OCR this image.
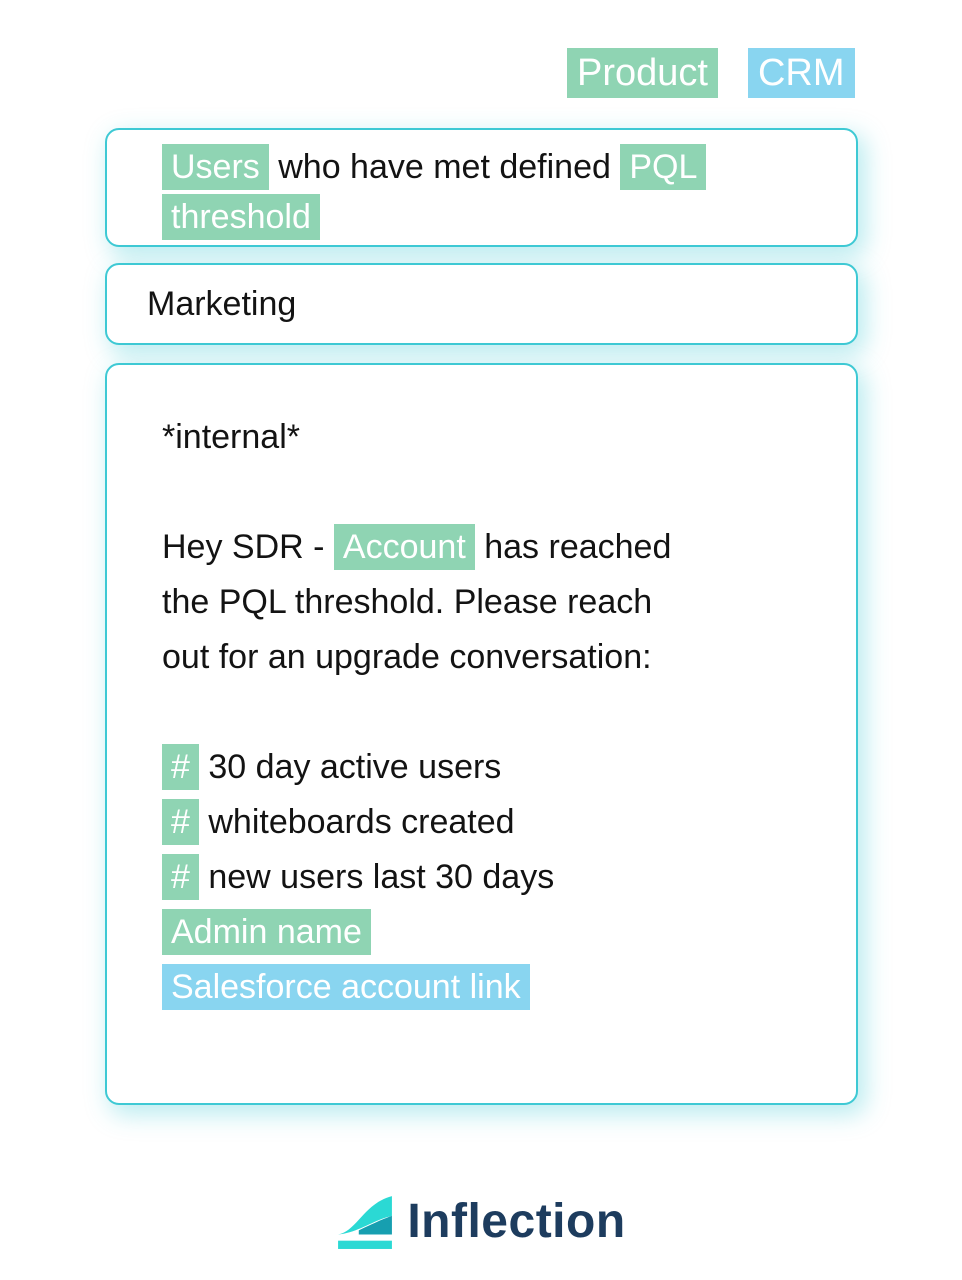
Product CRM
Users who have met defined PQL
threshold
Marketing
*internal*
Hey SDR - Account has reached
the PQL threshold. Please reach
out for an upgrade conversation:
# 30 day active users
# whiteboards created
# new users last 30 days
Admin name
Salesforce account link
Inflection
